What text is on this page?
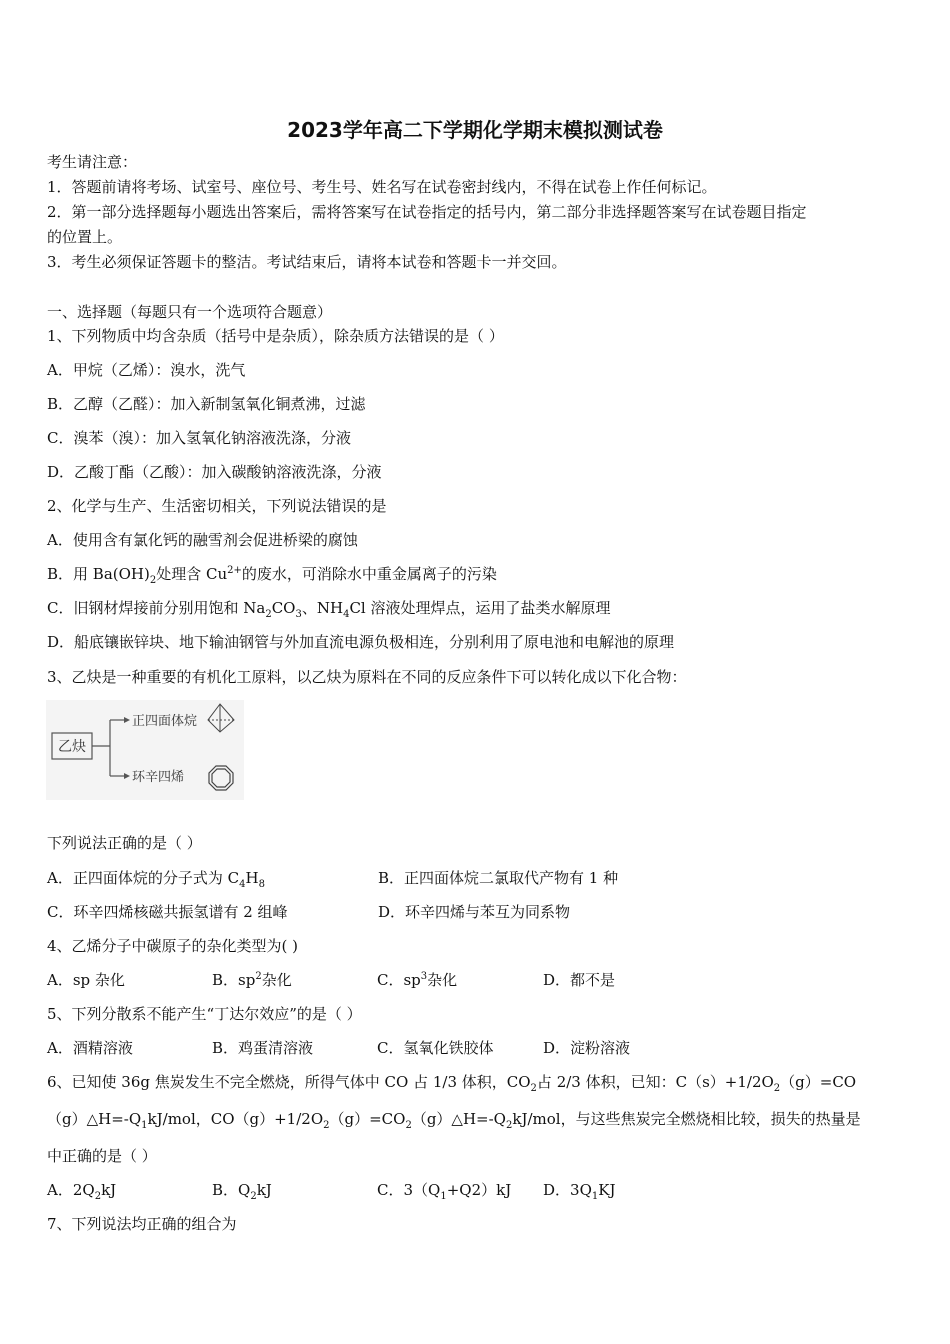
2023学年高二下学期化学期末模拟测试卷
考生请注意：
1．答题前请将考场、试室号、座位号、考生号、姓名写在试卷密封线内，不得在试卷上作任何标记。
2．第一部分选择题每小题选出答案后，需将答案写在试卷指定的括号内，第二部分非选择题答案写在试卷题目指定
的位置上。
3．考生必须保证答题卡的整洁。考试结束后，请将本试卷和答题卡一并交回。
一、选择题（每题只有一个选项符合题意）
1、下列物质中均含杂质（括号中是杂质），除杂质方法错误的是（ ）
A．甲烷（乙烯）：溴水，洗气
B．乙醇（乙醛）：加入新制氢氧化铜煮沸，过滤
C．溴苯（溴）：加入氢氧化钠溶液洗涤，分液
D．乙酸丁酯（乙酸）：加入碳酸钠溶液洗涤，分液
2、化学与生产、生活密切相关，下列说法错误的是
A．使用含有氯化钙的融雪剂会促进桥梁的腐蚀
B．用 $Ba(OH)_2$处理含 $Cu^{2+}$的废水，可消除水中重金属离子的污染
C．旧钢材焊接前分别用饱和 $Na_2CO_3$、$NH_4Cl$ 溶液处理焊点，运用了盐类水解原理
D．船底镶嵌锌块、地下输油钢管与外加直流电源负极相连，分别利用了原电池和电解池的原理
3、乙炔是一种重要的有机化工原料，以乙炔为原料在不同的反应条件下可以转化成以下化合物：
乙炔
正四面体烷
环辛四烯
下列说法正确的是（ ）
A．正四面体烷的分子式为 $C_4H_8$	B．正四面体烷二氯取代产物有 1 种
C．环辛四烯核磁共振氢谱有 2 组峰	D．环辛四烯与苯互为同系物
4、乙烯分子中碳原子的杂化类型为( )
A．sp 杂化	B．$sp^2$杂化	C．$sp^3$杂化	D．都不是
5、下列分散系不能产生“丁达尔效应”的是（ ）
A．酒精溶液	B．鸡蛋清溶液	C．氢氧化铁胶体	D．淀粉溶液
6、已知使 36g 焦炭发生不完全燃烧，所得气体中 CO 占 1/3 体积，$CO_2$占 2/3 体积，已知：$C(s)+1/2O_2(g)=CO$
$(g)\triangle H=-Q_1kJ$/mol，$CO(g)+1/2O_2(g)=CO_2(g)\triangle H=-Q_2kJ$/mol，与这些焦炭完全燃烧相比较，损失的热量是
中正确的是（ ）
A．$2Q_2kJ$	B．$Q_2kJ$	C．$3(Q_1+Q2)kJ$ D．$3Q_1KJ$
7、下列说法均正确的组合为
